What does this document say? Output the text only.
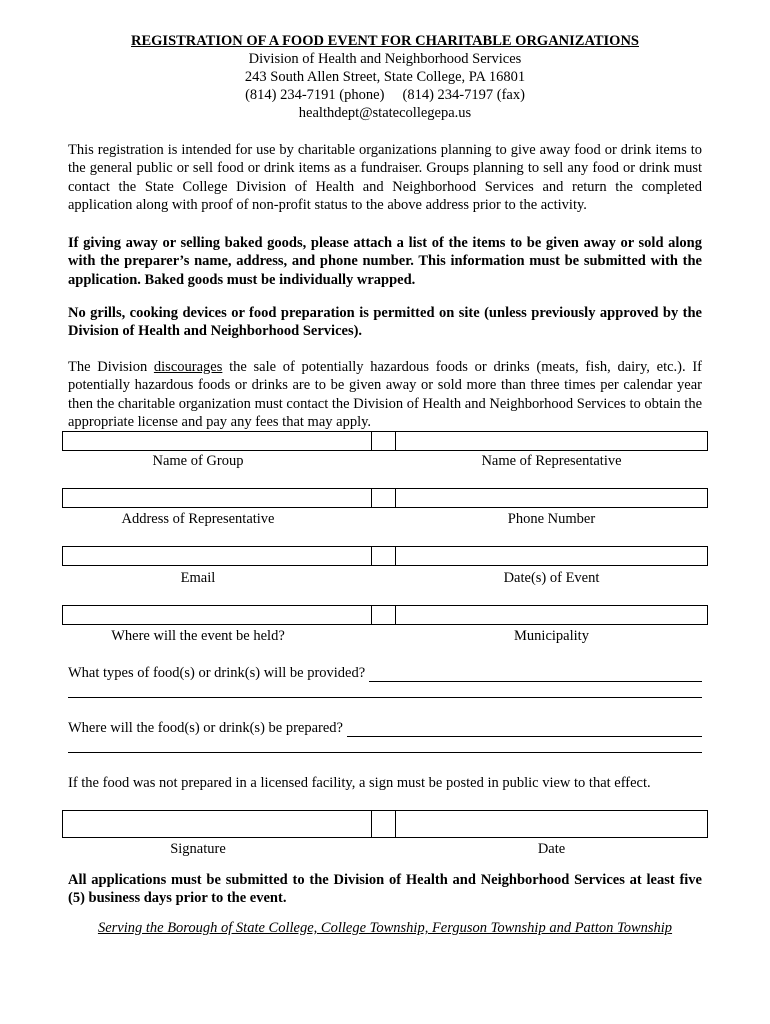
REGISTRATION OF A FOOD EVENT FOR CHARITABLE ORGANIZATIONS
Division of Health and Neighborhood Services
243 South Allen Street, State College, PA 16801
(814) 234-7191 (phone)     (814) 234-7197 (fax)
healthdept@statecollegepa.us
This registration is intended for use by charitable organizations planning to give away food or drink items to the general public or sell food or drink items as a fundraiser. Groups planning to sell any food or drink must contact the State College Division of Health and Neighborhood Services and return the completed application along with proof of non-profit status to the above address prior to the activity.
If giving away or selling baked goods, please attach a list of the items to be given away or sold along with the preparer’s name, address, and phone number. This information must be submitted with the application. Baked goods must be individually wrapped.
No grills, cooking devices or food preparation is permitted on site (unless previously approved by the Division of Health and Neighborhood Services).
The Division discourages the sale of potentially hazardous foods or drinks (meats, fish, dairy, etc.). If potentially hazardous foods or drinks are to be given away or sold more than three times per calendar year then the charitable organization must contact the Division of Health and Neighborhood Services to obtain the appropriate license and pay any fees that may apply.
Name of Group	Name of Representative
Address of Representative	Phone Number
Email	Date(s) of Event
Where will the event be held?	Municipality
What types of food(s) or drink(s) will be provided?
Where will the food(s) or drink(s) be prepared?
If the food was not prepared in a licensed facility, a sign must be posted in public view to that effect.
Signature	Date
All applications must be submitted to the Division of Health and Neighborhood Services at least five (5) business days prior to the event.
Serving the Borough of State College, College Township, Ferguson Township and Patton Township
